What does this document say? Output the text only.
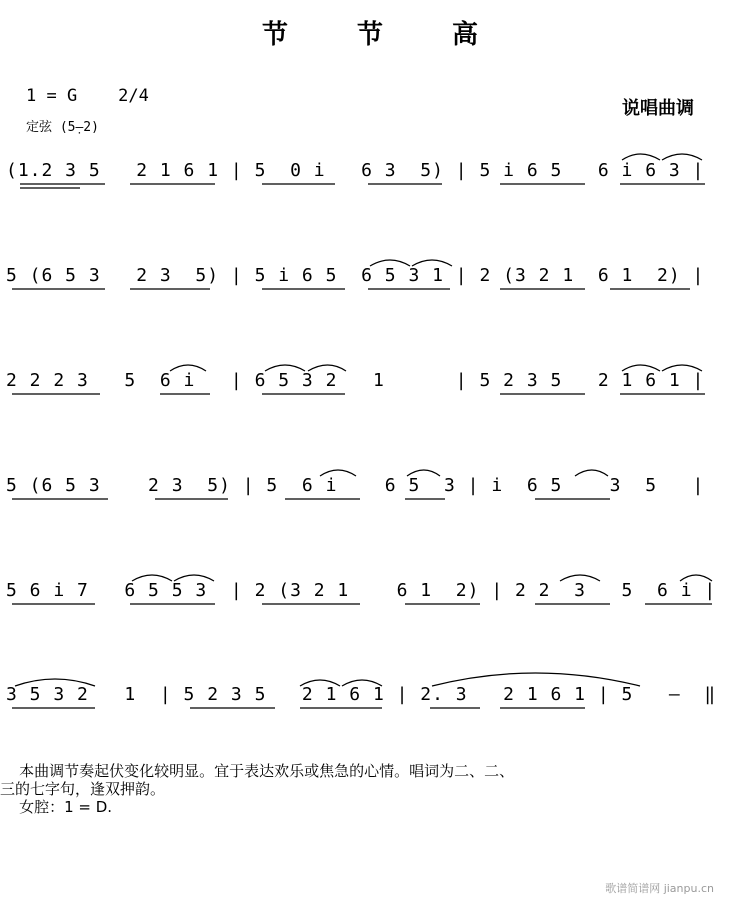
节 节 高
1 = G    2/4
定弦 (5̣—2)
说唱曲调
(1.2 3 5   2 1 6 1 | 5  0 i   6 3  5) | 5 i 6 5   6 i 6 3 |
5 (6 5 3   2 3  5) | 5 i 6 5  6 5 3 1 | 2 (3 2 1  6 1  2) |
2 2 2 3   5  6 i   | 6 5 3 2   1      | 5 2 3 5   2 1 6 1 |
5 (6 5 3    2 3  5) | 5  6 i    6 5  3 | i  6 5    3  5   |
5 6 i 7   6 5 5 3  | 2 (3 2 1    6 1  2) | 2 2  3   5  6 i |
3 5 3 2   1  | 5 2 3 5   2 1 6 1 | 2. 3   2 1 6 1 | 5   —  ‖

本曲调节奏起伏变化较明显。宜于表达欢乐或焦急的心情。唱词为二、二、

三的七字句，逢双押韵。

女腔：1 = D.

歌谱简谱网 jianpu.cn
